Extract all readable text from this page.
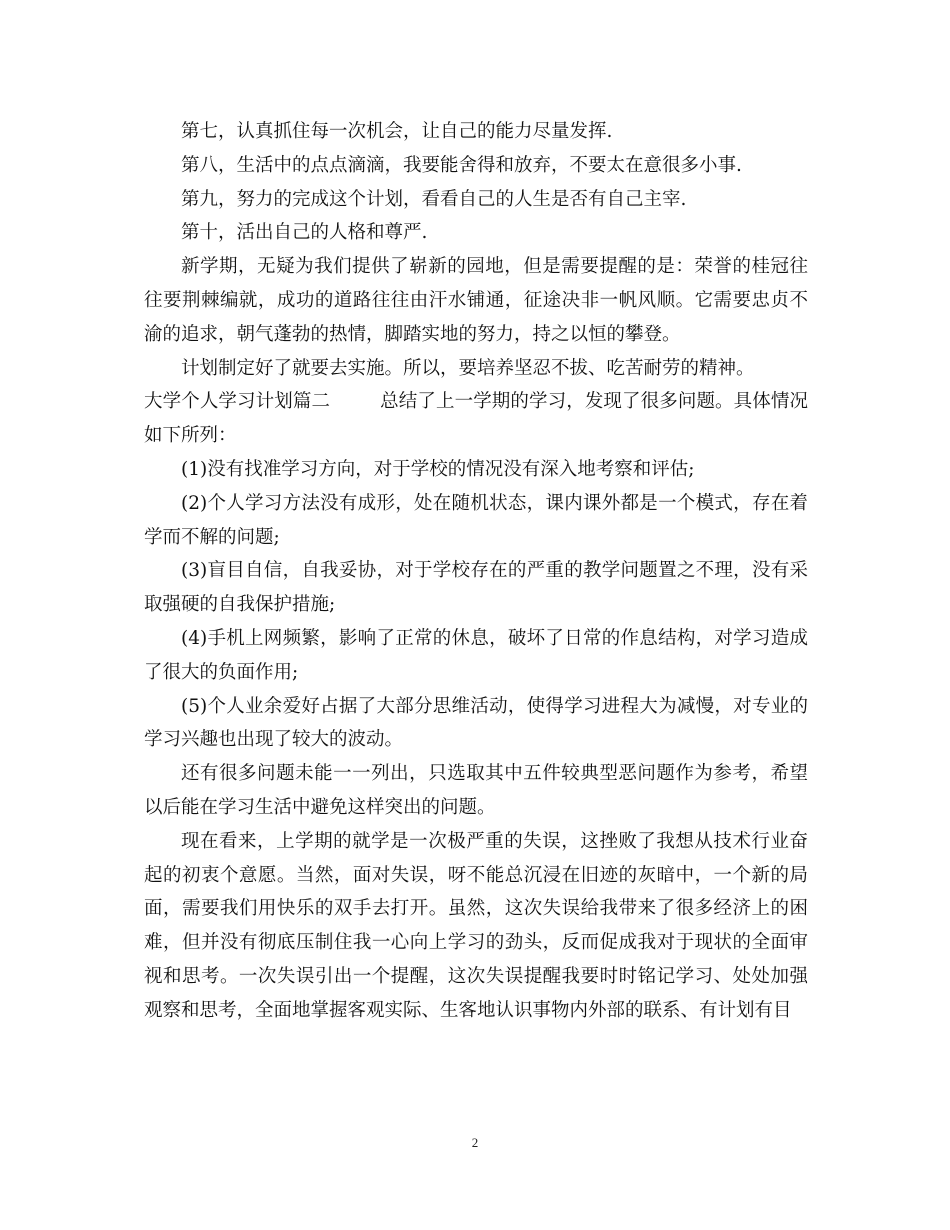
第七，认真抓住每一次机会，让自己的能力尽量发挥.

第八，生活中的点点滴滴，我要能舍得和放弃，不要太在意很多小事.

第九，努力的完成这个计划，看看自己的人生是否有自己主宰.

第十，活出自己的人格和尊严.

新学期，无疑为我们提供了崭新的园地，但是需要提醒的是：荣誉的桂冠往往要荆棘编就，成功的道路往往由汗水铺通，征途决非一帆风顺。它需要忠贞不渝的追求，朝气蓬勃的热情，脚踏实地的努力，持之以恒的攀登。

计划制定好了就要去实施。所以，要培养坚忍不拔、吃苦耐劳的精神。

大学个人学习计划篇二	总结了上一学期的学习，发现了很多问题。具体情况如下所列：

(1)没有找准学习方向，对于学校的情况没有深入地考察和评估;

(2)个人学习方法没有成形，处在随机状态，课内课外都是一个模式，存在着学而不解的问题;

(3)盲目自信，自我妥协，对于学校存在的严重的教学问题置之不理，没有采取强硬的自我保护措施;

(4)手机上网频繁，影响了正常的休息，破坏了日常的作息结构，对学习造成了很大的负面作用;

(5)个人业余爱好占据了大部分思维活动，使得学习进程大为减慢，对专业的学习兴趣也出现了较大的波动。

还有很多问题未能一一列出，只选取其中五件较典型恶问题作为参考，希望以后能在学习生活中避免这样突出的问题。

现在看来，上学期的就学是一次极严重的失误，这挫败了我想从技术行业奋起的初衷个意愿。当然，面对失误，呀不能总沉浸在旧迹的灰暗中，一个新的局面，需要我们用快乐的双手去打开。虽然，这次失误给我带来了很多经济上的困难，但并没有彻底压制住我一心向上学习的劲头，反而促成我对于现状的全面审视和思考。一次失误引出一个提醒，这次失误提醒我要时时铭记学习、处处加强观察和思考，全面地掌握客观实际、生客地认识事物内外部的联系、有计划有目

2
